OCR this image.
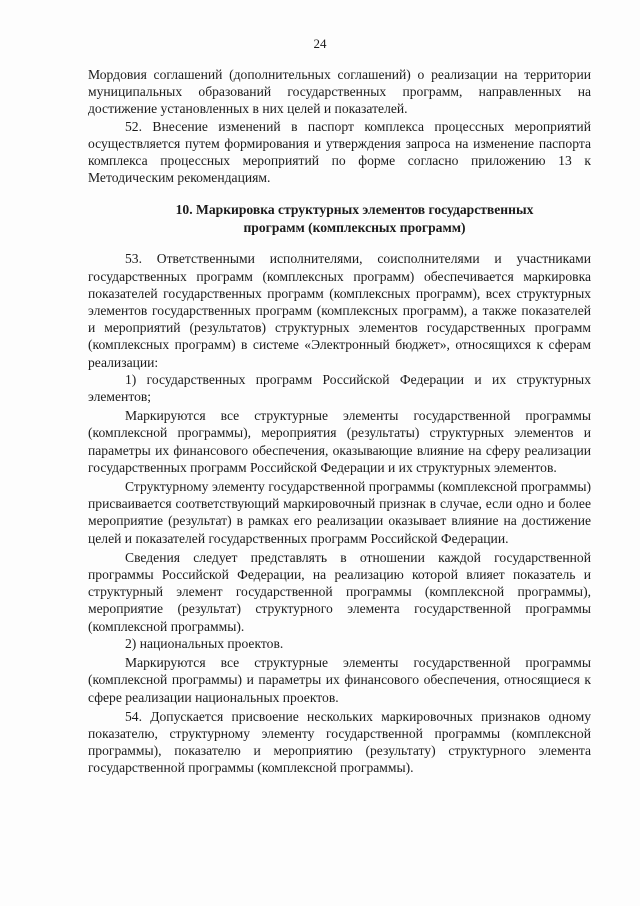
24

Мордовия соглашений (дополнительных соглашений) о реализации на территории муниципальных образований государственных программ, направленных на достижение установленных в них целей и показателей.

52. Внесение изменений в паспорт комплекса процессных мероприятий осуществляется путем формирования и утверждения запроса на изменение паспорта комплекса процессных мероприятий по форме согласно приложению 13 к Методическим рекомендациям.

10. Маркировка структурных элементов государственных
программ (комплексных программ)

53. Ответственными исполнителями, соисполнителями и участниками государственных программ (комплексных программ) обеспечивается маркировка показателей государственных программ (комплексных программ), всех структурных элементов государственных программ (комплексных программ), а также показателей и мероприятий (результатов) структурных элементов государственных программ (комплексных программ) в системе «Электронный бюджет», относящихся к сферам реализации:

1) государственных программ Российской Федерации и их структурных элементов;

Маркируются все структурные элементы государственной программы (комплексной программы), мероприятия (результаты) структурных элементов и параметры их финансового обеспечения, оказывающие влияние на сферу реализации государственных программ Российской Федерации и их структурных элементов.

Структурному элементу государственной программы (комплексной программы) присваивается соответствующий маркировочный признак в случае, если одно и более мероприятие (результат) в рамках его реализации оказывает влияние на достижение целей и показателей государственных программ Российской Федерации.

Сведения следует представлять в отношении каждой государственной программы Российской Федерации, на реализацию которой влияет показатель и структурный элемент государственной программы (комплексной программы), мероприятие (результат) структурного элемента государственной программы (комплексной программы).

2) национальных проектов.

Маркируются все структурные элементы государственной программы (комплексной программы) и параметры их финансового обеспечения, относящиеся к сфере реализации национальных проектов.

54. Допускается присвоение нескольких маркировочных признаков одному показателю, структурному элементу государственной программы (комплексной программы), показателю и мероприятию (результату) структурного элемента государственной программы (комплексной программы).
